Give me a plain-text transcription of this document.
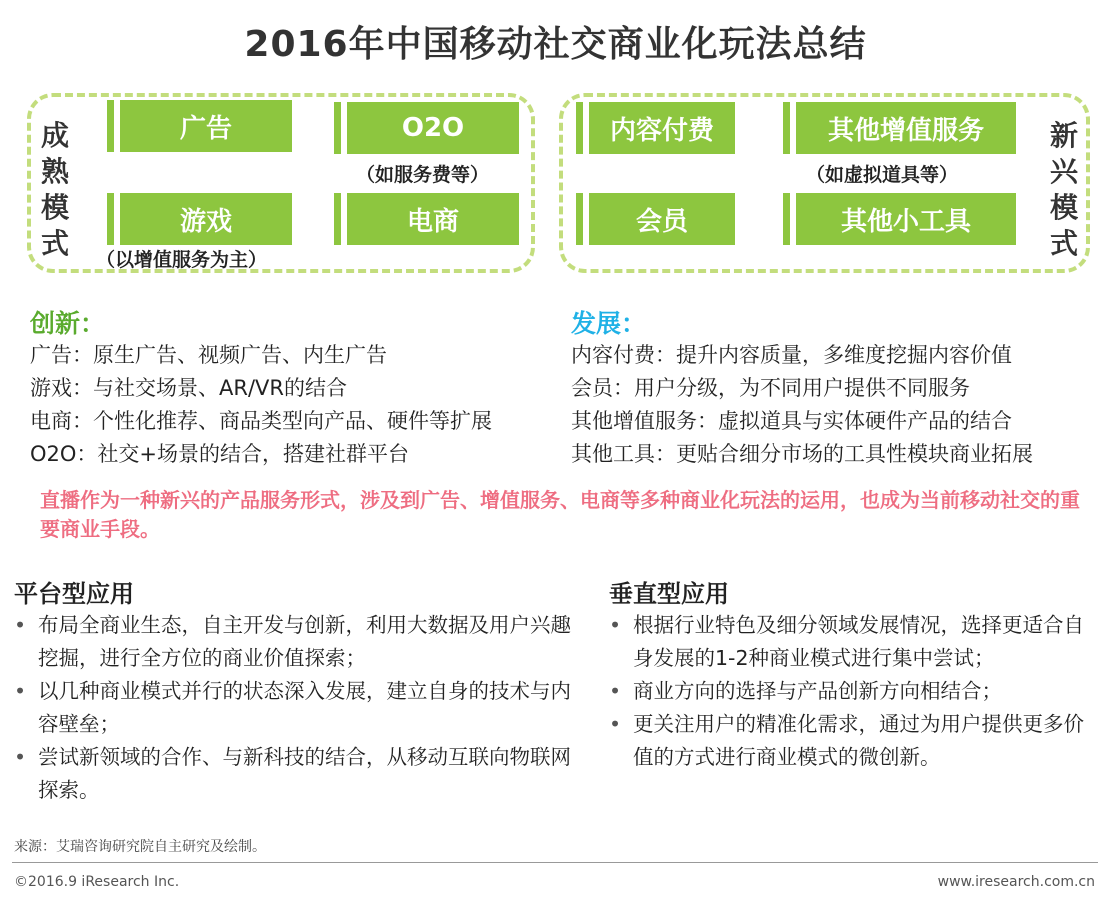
2016年中国移动社交商业化玩法总结
成
熟
模
式
广告	O2O
（如服务费等）
游戏	电商
（以增值服务为主）
内容付费	其他增值服务
（如虚拟道具等）
会员	其他小工具
新
兴
模
式
创新：
广告：原生广告、视频广告、内生广告
游戏：与社交场景、AR/VR的结合
电商：个性化推荐、商品类型向产品、硬件等扩展
O2O：社交+场景的结合，搭建社群平台
发展：
内容付费：提升内容质量，多维度挖掘内容价值
会员：用户分级，为不同用户提供不同服务
其他增值服务：虚拟道具与实体硬件产品的结合
其他工具：更贴合细分市场的工具性模块商业拓展
直播作为一种新兴的产品服务形式，涉及到广告、增值服务、电商等多种商业化玩法的运用，也成为当前移动社交的重要商业手段。
平台型应用
• 布局全商业生态，自主开发与创新，利用大数据及用户兴趣挖掘，进行全方位的商业价值探索；
• 以几种商业模式并行的状态深入发展，建立自身的技术与内容壁垒；
• 尝试新领域的合作、与新科技的结合，从移动互联向物联网探索。
垂直型应用
• 根据行业特色及细分领域发展情况，选择更适合自身发展的1-2种商业模式进行集中尝试；
• 商业方向的选择与产品创新方向相结合；
• 更关注用户的精准化需求，通过为用户提供更多价值的方式进行商业模式的微创新。
来源：艾瑞咨询研究院自主研究及绘制。
©2016.9 iResearch Inc.	www.iresearch.com.cn
